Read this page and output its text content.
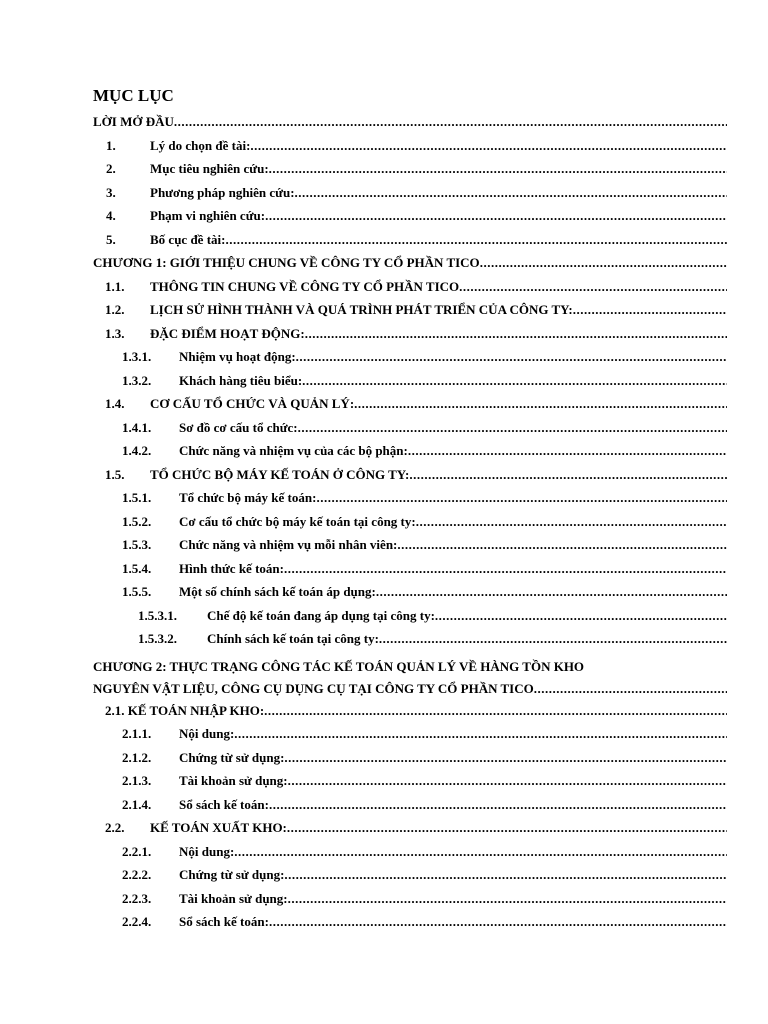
MỤC LỤC
LỜI MỞ ĐẦU
.....
1.	Lý do chọn đề tài:
.....
2.	Mục tiêu nghiên cứu:
.....
3.	Phương pháp nghiên cứu:
.....
4.	Phạm vi nghiên cứu:
.....
5.	Bố cục đề tài:
.....
CHƯƠNG 1: GIỚI THIỆU CHUNG VỀ CÔNG TY CỔ PHẦN TICO
.....
1.1.	THÔNG TIN CHUNG VỀ CÔNG TY CỔ PHẦN TICO
.....
1.2.	LỊCH SỬ HÌNH THÀNH VÀ QUÁ TRÌNH PHÁT TRIỂN CỦA CÔNG TY:
.....
1.3.	ĐẶC ĐIỂM HOẠT ĐỘNG:
.....
1.3.1.	Nhiệm vụ hoạt động:
.....
1.3.2.	Khách hàng tiêu biểu:
.....
1.4.	CƠ CẤU TỔ CHỨC VÀ QUẢN LÝ:
.....
1.4.1.	Sơ đồ cơ cấu tổ chức:
.....
1.4.2.	Chức năng và nhiệm vụ của các bộ phận:
.....
1.5.	TỔ CHỨC BỘ MÁY KẾ TOÁN Ở CÔNG TY:
.....
1.5.1.	Tổ chức bộ máy kế toán:
.....
1.5.2.	Cơ cấu tổ chức bộ máy kế toán tại công ty:
.....
1.5.3.	Chức năng và nhiệm vụ mỗi nhân viên:
.....
1.5.4.	Hình thức kế toán:
.....
1.5.5.	Một số chính sách kế toán áp dụng:
.....
1.5.3.1.	Chế độ kế toán đang áp dụng tại công ty:
.....
1.5.3.2.	Chính sách kế toán tại công ty:
.....
CHƯƠNG 2: THỰC TRẠNG CÔNG TÁC KẾ TOÁN QUẢN LÝ VỀ HÀNG TỒN KHO
NGUYÊN VẬT LIỆU, CÔNG CỤ DỤNG CỤ TẠI CÔNG TY CỔ PHẦN TICO
.....
2.1. KẾ TOÁN NHẬP KHO:
.....
2.1.1.	Nội dung:
.....
2.1.2.	Chứng từ sử dụng:
.....
2.1.3.	Tài khoản sử dụng:
.....
2.1.4.	Sổ sách kế toán:
.....
2.2.	KẾ TOÁN XUẤT KHO:
.....
2.2.1.	Nội dung:
.....
2.2.2.	Chứng từ sử dụng:
.....
2.2.3.	Tài khoản sử dụng:
.....
2.2.4.	Sổ sách kế toán:
.....
